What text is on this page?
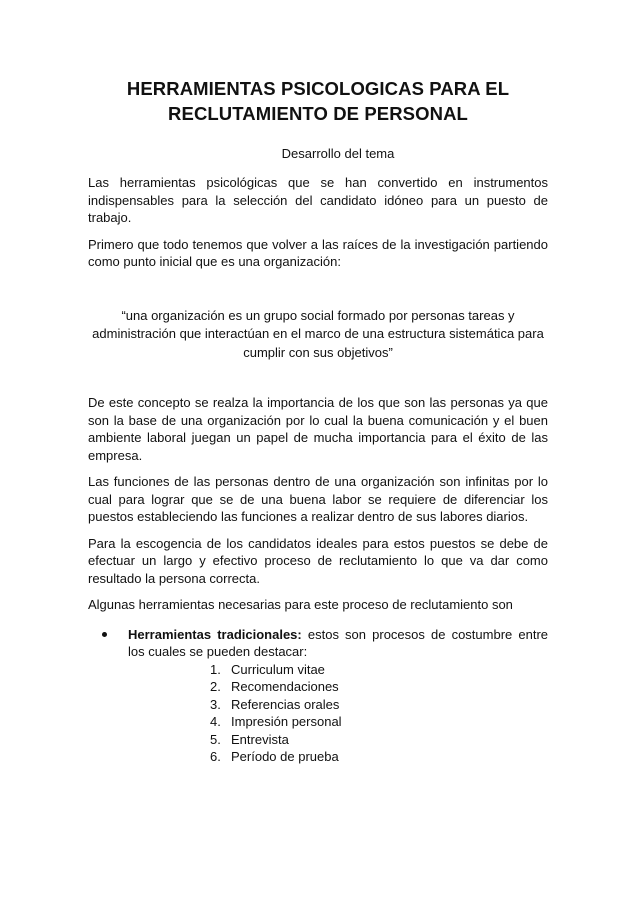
HERRAMIENTAS PSICOLOGICAS PARA EL
RECLUTAMIENTO DE PERSONAL
Desarrollo del tema

Las herramientas psicológicas que se han convertido en instrumentos indispensables para la selección del candidato idóneo para un puesto de trabajo.

Primero que todo tenemos que volver a las raíces de la investigación partiendo como punto inicial que es una organización:

“una organización es un grupo social formado por personas tareas y administración que interactúan en el marco de una estructura sistemática para cumplir con sus objetivos”

De este concepto se realza la importancia de los que son las personas ya que son la base de una organización por lo cual la buena comunicación y el buen ambiente laboral juegan un papel de mucha importancia para el éxito de las empresa.

Las funciones de las personas dentro de una organización son infinitas por lo cual para lograr que se de una buena labor se requiere de diferenciar los puestos estableciendo las funciones a realizar dentro de sus labores diarios.

Para la escogencia de los candidatos ideales para estos puestos se debe de efectuar un largo y efectivo proceso de reclutamiento lo que va dar como resultado la persona correcta.

Algunas herramientas necesarias para este proceso de reclutamiento son

Herramientas tradicionales: estos son procesos de costumbre entre los cuales se pueden destacar:
1. Curriculum vitae
2. Recomendaciones
3. Referencias orales
4. Impresión personal
5. Entrevista
6. Período de prueba
